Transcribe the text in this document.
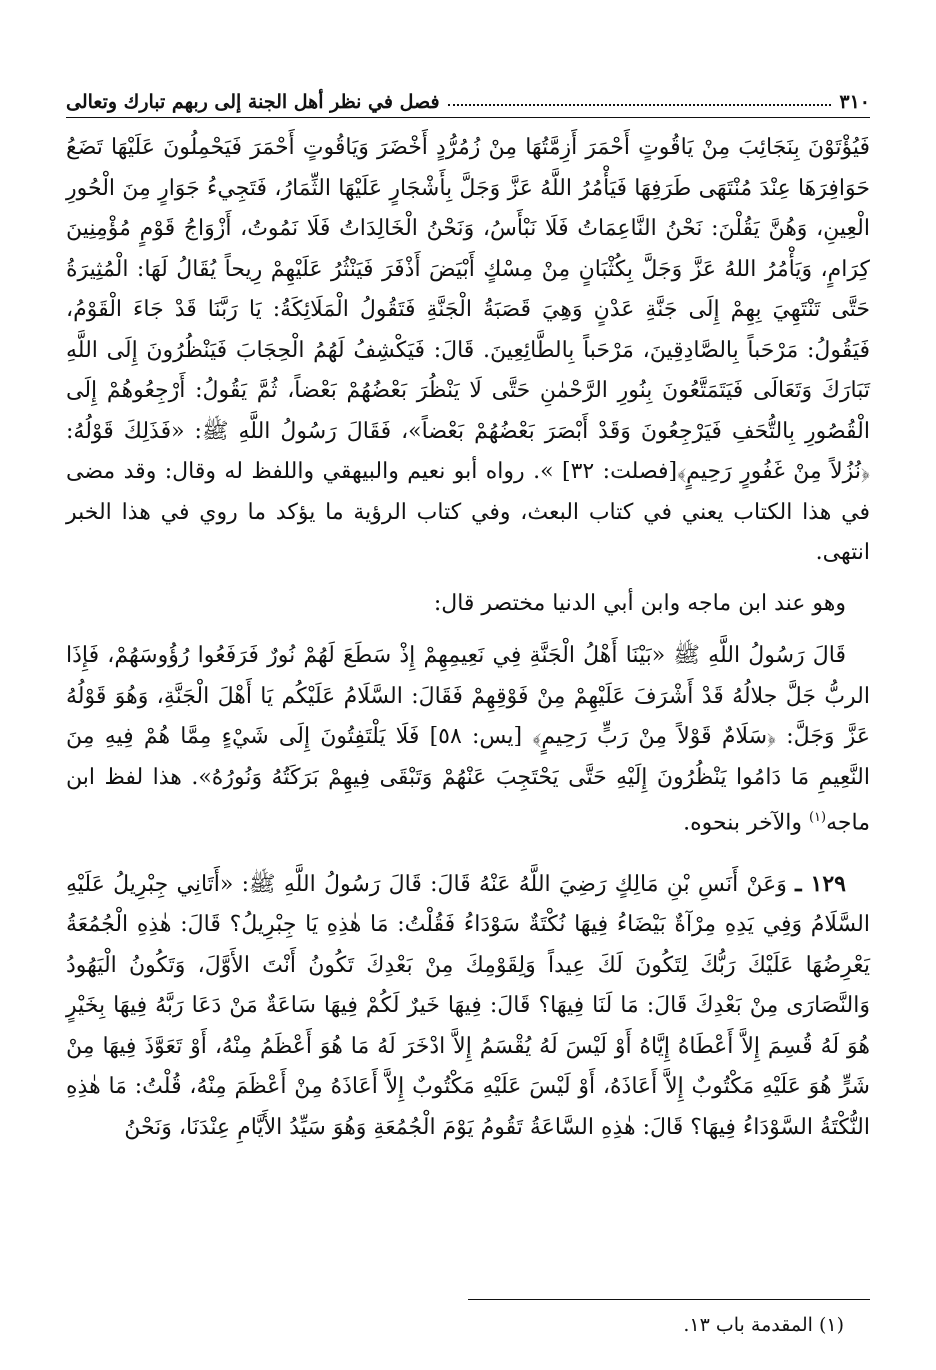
٣١٠
فصل في نظر أهل الجنة إلى ربهم تبارك وتعالى

فَيُؤْتَوْنَ بِنَجَائِبَ مِنْ يَاقُوتٍ أَحْمَرَ أَزِمَّتُهَا مِنْ زُمُرُّدٍ أَخْضَرَ وَيَاقُوتٍ أَحْمَرَ فَيَحْمِلُونَ عَلَيْهَا تَضَعُ حَوَافِرَهَا عِنْدَ مُنْتَهَى طَرَفِهَا فَيَأْمُرُ اللَّهُ عَزَّ وَجَلَّ بِأَشْجَارٍ عَلَيْهَا الثِّمَارُ، فَتَجِيءُ جَوَارٍ مِنَ الْحُورِ الْعِينِ، وَهُنَّ يَقُلْنَ: نَحْنُ النَّاعِمَاتُ فَلَا نَبْأَسُ، وَنَحْنُ الْخَالِدَاتُ فَلَا نَمُوتُ، أَزْوَاجُ قَوْمٍ مُؤْمِنِينَ كِرَامٍ، وَيَأْمُرُ اللهُ عَزَّ وَجَلَّ بِكُثْبَانٍ مِنْ مِسْكٍ أَبْيَضَ أَذْفَرَ فَيَنْثُرُ عَلَيْهِمْ رِيحاً يُقَالُ لَهَا: الْمُثِيرَةُ حَتَّى تَنْتَهِيَ بِهِمْ إِلَى جَنَّةِ عَدْنٍ وَهِيَ قَصَبَةُ الْجَنَّةِ فَتَقُولُ الْمَلَائِكَةُ: يَا رَبَّنَا قَدْ جَاءَ الْقَوْمُ، فَيَقُولُ: مَرْحَباً بِالصَّادِقِينَ، مَرْحَباً بِالطَّائِعِينَ. قَالَ: فَيَكْشِفُ لَهُمُ الْحِجَابَ فَيَنْظُرُونَ إِلَى اللَّهِ تَبَارَكَ وَتَعَالَى فَيَتَمَتَّعُونَ بِنُورِ الرَّحْمٰنِ حَتَّى لَا يَنْظُرَ بَعْضُهُمْ بَعْضاً، ثُمَّ يَقُولُ: أَرْجِعُوهُمْ إِلَى الْقُصُورِ بِالتُّحَفِ فَيَرْجِعُونَ وَقَدْ أَبْصَرَ بَعْضُهُمْ بَعْضاً»، فَقَالَ رَسُولُ اللَّهِ ﷺ: «فَذَلِكَ قَوْلُهُ: ﴿نُزُلاً مِنْ غَفُورٍ رَحِيمٍ﴾[فصلت: ٣٢] ». رواه أبو نعيم والبيهقي واللفظ له وقال: وقد مضى في هذا الكتاب يعني في كتاب البعث، وفي كتاب الرؤية ما يؤكد ما روي في هذا الخبر انتهى.

وهو عند ابن ماجه وابن أبي الدنيا مختصر قال:

قَالَ رَسُولُ اللَّهِ ﷺ «بَيْنَا أَهْلُ الْجَنَّةِ فِي نَعِيمِهِمْ إِذْ سَطَعَ لَهُمْ نُورٌ فَرَفَعُوا رُؤُوسَهُمْ، فَإِذَا الربُّ جَلَّ جلالُهُ قَدْ أَشْرَفَ عَلَيْهِمْ مِنْ فَوْقِهِمْ فَقَالَ: السَّلَامُ عَلَيْكُم يَا أَهْلَ الْجَنَّةِ، وَهُوَ قَوْلُهُ عَزَّ وَجَلَّ: ﴿سَلَامٌ قَوْلاً مِنْ رَبٍّ رَحِيمٍ﴾ [يس: ٥٨] فَلَا يَلْتَفِتُونَ إِلَى شَيْءٍ مِمَّا هُمْ فِيهِ مِنَ النَّعِيمِ مَا دَامُوا يَنْظُرُونَ إِلَيْهِ حَتَّى يَحْتَجِبَ عَنْهُمْ وَتَبْقَى فِيهِمْ بَرَكَتُهُ وَنُورُهُ». هذا لفظ ابن ماجه$^{(١)}$ والآخر بنحوه.

١٢٩ ـ وَعَنْ أَنَسِ بْنِ مَالِكٍ رَضِيَ اللَّهُ عَنْهُ قَالَ: قَالَ رَسُولُ اللَّهِ ﷺ: «أَتَانِي جِبْرِيلُ عَلَيْهِ السَّلَامُ وَفِي يَدِهِ مِرْآةٌ بَيْضَاءُ فِيهَا نُكْتَةٌ سَوْدَاءُ فَقُلْتُ: مَا هٰذِهِ يَا جِبْرِيلُ؟ قَالَ: هٰذِهِ الْجُمُعَةُ يَعْرِضُهَا عَلَيْكَ رَبُّكَ لِتَكُونَ لَكَ عِيداً وَلِقَوْمِكَ مِنْ بَعْدِكَ تَكُونُ أَنْتَ الأَوَّلَ، وَتَكُونُ الْيَهُودُ وَالنَّصَارَى مِنْ بَعْدِكَ قَالَ: مَا لَنَا فِيهَا؟ قَالَ: فِيهَا خَيرٌ لَكُمْ فِيهَا سَاعَةٌ مَنْ دَعَا رَبَّهُ فِيهَا بِخَيْرٍ هُوَ لَهُ قُسِمَ إِلاَّ أَعْطَاهُ إِيَّاهُ أَوْ لَيْسَ لَهُ يُقْسَمُ إِلاَّ ادْخَرَ لَهُ مَا هُوَ أَعْظَمُ مِنْهُ، أَوْ تَعَوَّذَ فِيهَا مِنْ شَرٍّ هُوَ عَلَيْهِ مَكْتُوبٌ إِلاَّ أَعَاذَهُ، أَوْ لَيْسَ عَلَيْهِ مَكْتُوبٌ إِلاَّ أَعَاذَهُ مِنْ أَعْظَمَ مِنْهُ، قُلْتُ: مَا هٰذِهِ النُّكْتَةُ السَّوْدَاءُ فِيهَا؟ قَالَ: هٰذِهِ السَّاعَةُ تَقُومُ يَوْمَ الْجُمُعَةِ وَهُوَ سَيِّدُ الأَيَّامِ عِنْدَنَا، وَنَحْنُ

(١) المقدمة باب ١٣.
